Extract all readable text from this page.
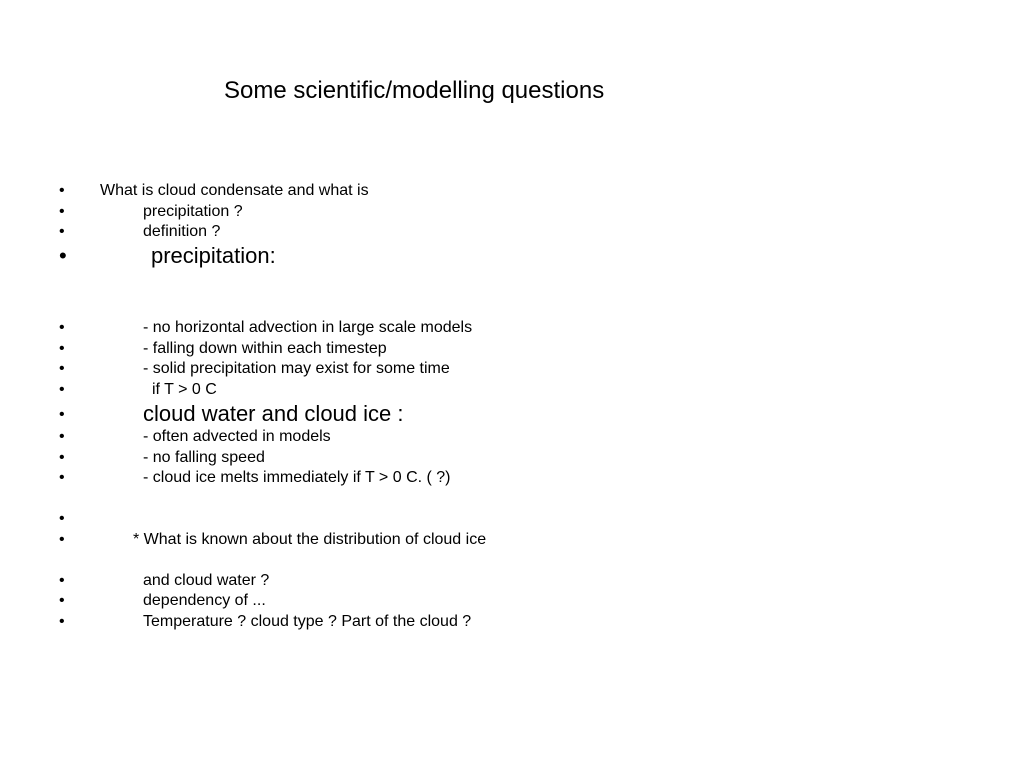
Some scientific/modelling questions
• What is cloud condensate and what is
•	precipitation ?
•	definition ?
•	precipitation:
•	- no horizontal advection in large scale models
•	- falling down within each timestep
•	- solid precipitation may exist for some time
•	if T > 0 C
•	cloud water and cloud ice :
•	- often advected in models
•	- no falling speed
•	- cloud ice melts immediately if T > 0 C. ( ?)
•
•	* What is known about the distribution of cloud ice
•	and cloud water ?
•	dependency of ...
•	Temperature ? cloud type ? Part of the cloud ?
